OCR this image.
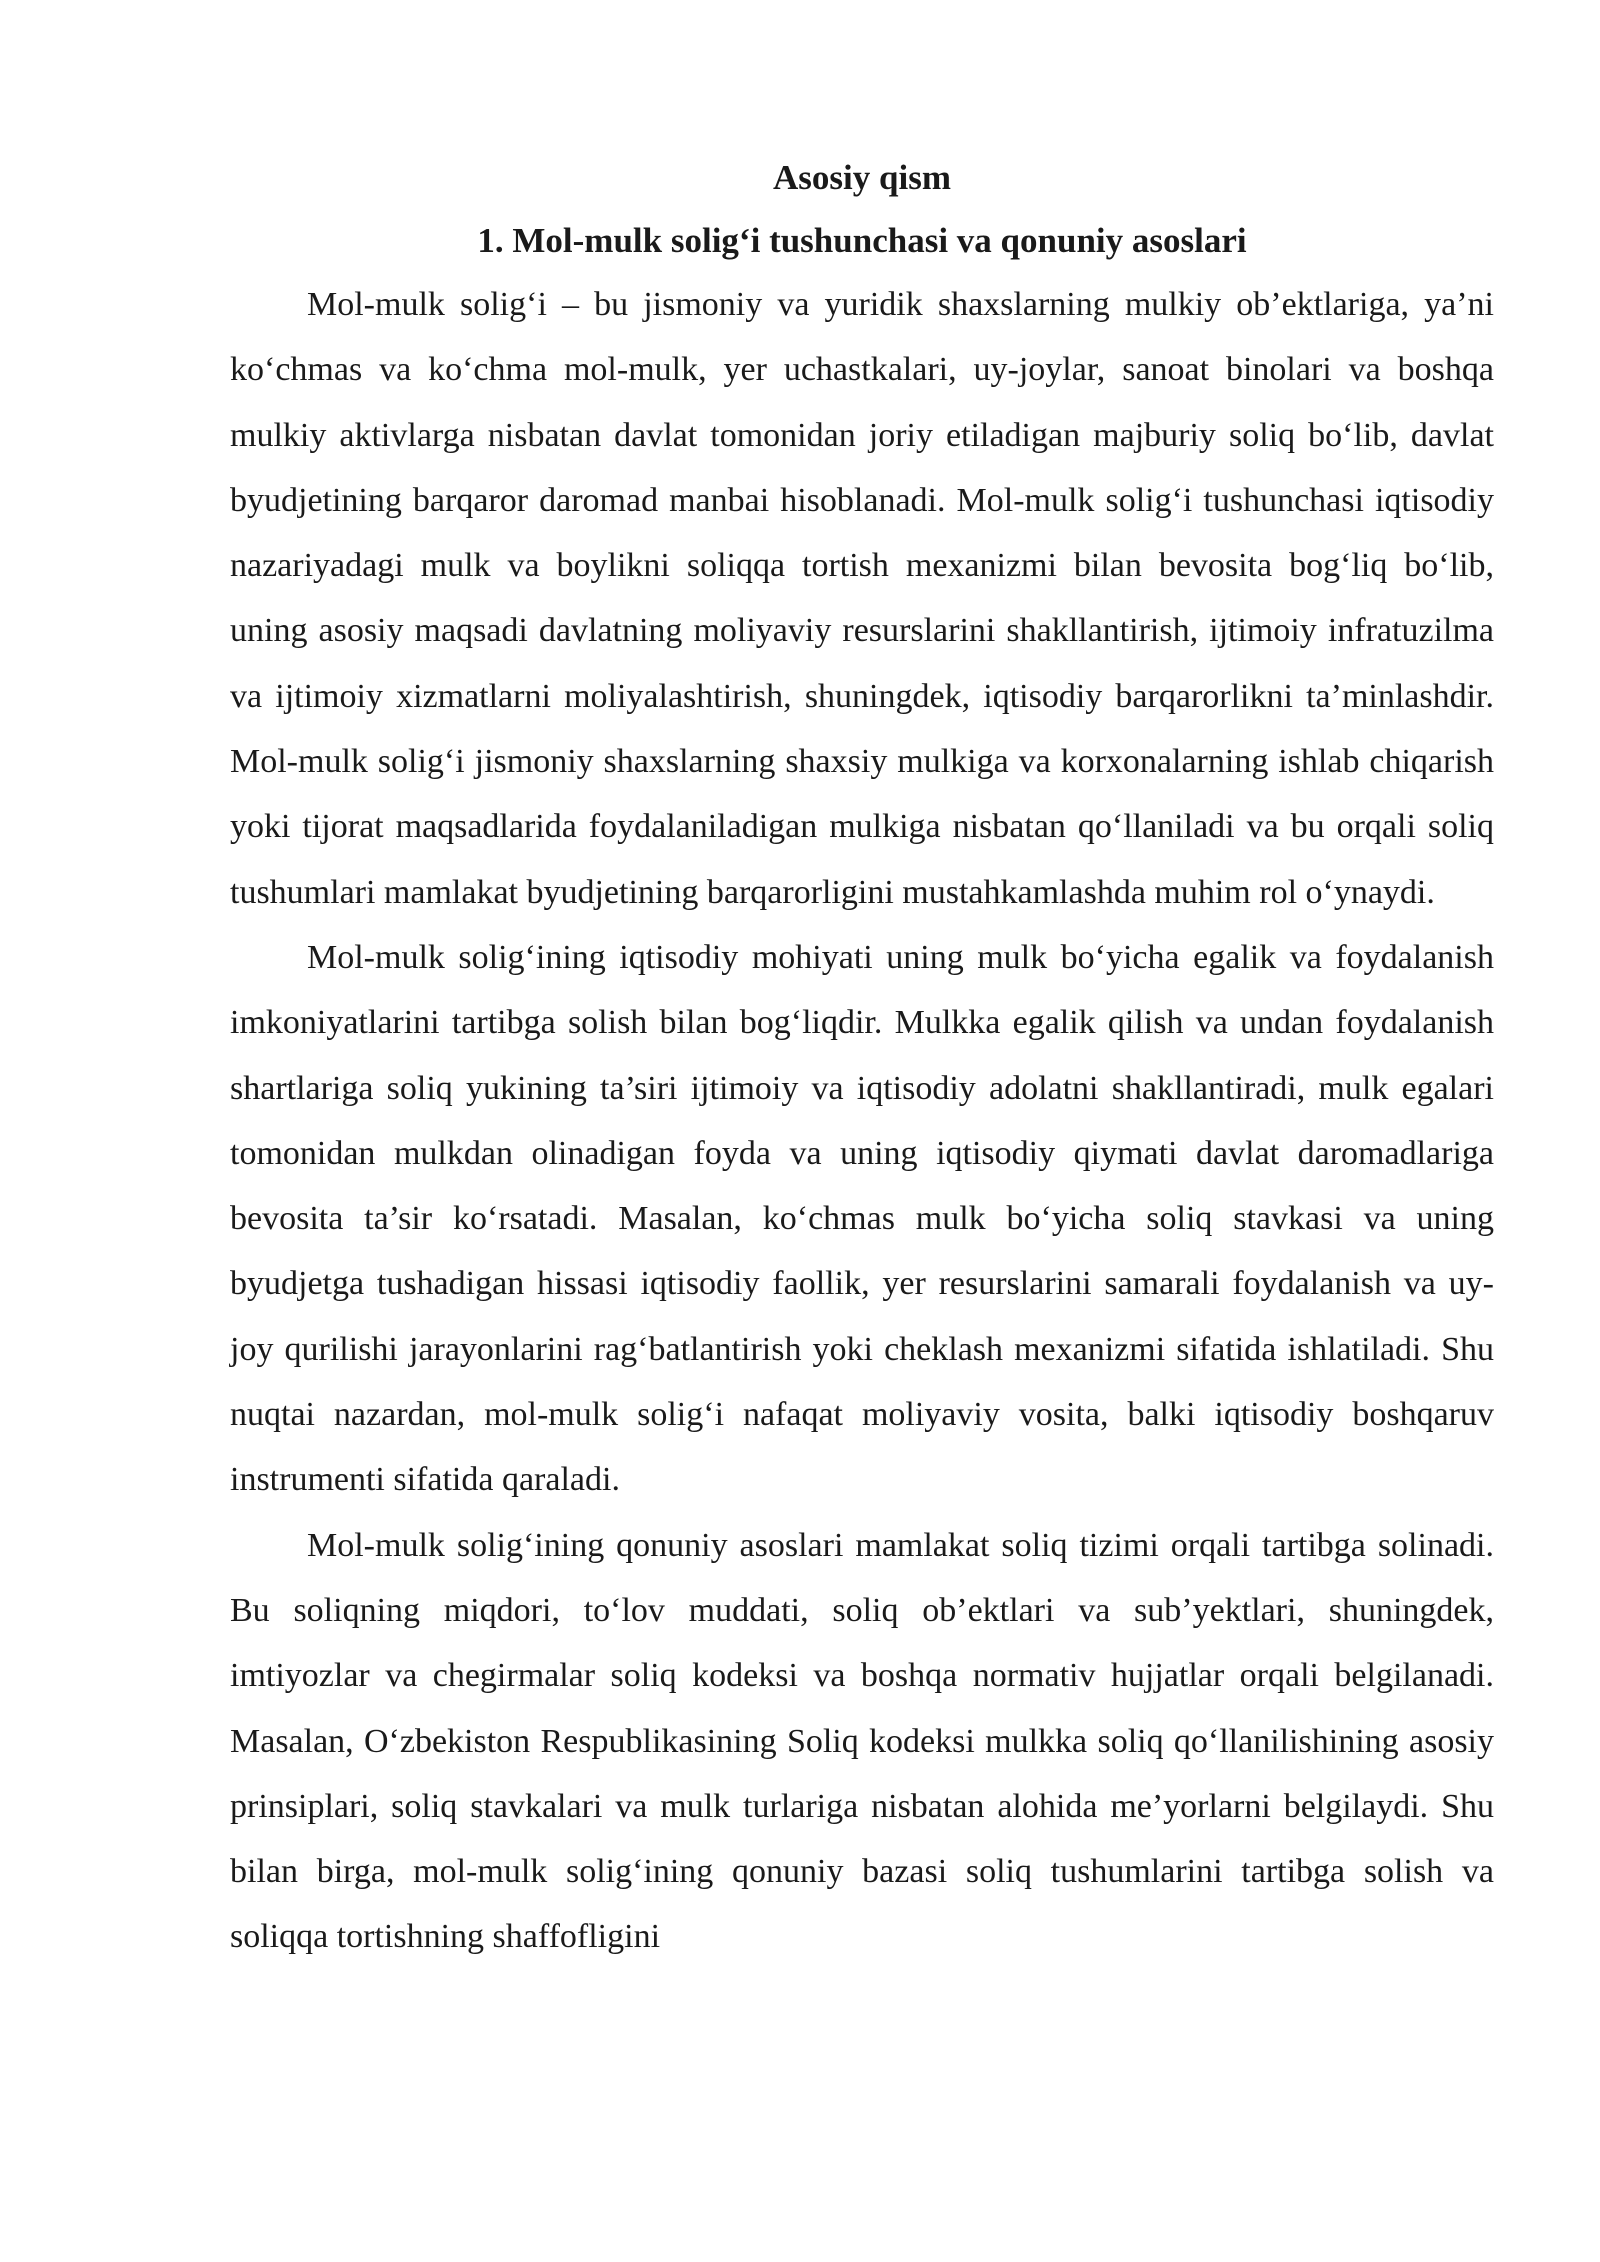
Asosiy qism
1. Mol-mulk solig‘i tushunchasi va qonuniy asoslari

Mol-mulk solig‘i – bu jismoniy va yuridik shaxslarning mulkiy ob’ektlariga, ya’ni ko‘chmas va ko‘chma mol-mulk, yer uchastkalari, uy-joylar, sanoat binolari va boshqa mulkiy aktivlarga nisbatan davlat tomonidan joriy etiladigan majburiy soliq bo‘lib, davlat byudjetining barqaror daromad manbai hisoblanadi. Mol-mulk solig‘i tushunchasi iqtisodiy nazariyadagi mulk va boylikni soliqqa tortish mexanizmi bilan bevosita bog‘liq bo‘lib, uning asosiy maqsadi davlatning moliyaviy resurslarini shakllantirish, ijtimoiy infratuzilma va ijtimoiy xizmatlarni moliyalashtirish, shuningdek, iqtisodiy barqarorlikni ta’minlashdir. Mol-mulk solig‘i jismoniy shaxslarning shaxsiy mulkiga va korxonalarning ishlab chiqarish yoki tijorat maqsadlarida foydalaniladigan mulkiga nisbatan qo‘llaniladi va bu orqali soliq tushumlari mamlakat byudjetining barqarorligini mustahkamlashda muhim rol o‘ynaydi.

Mol-mulk solig‘ining iqtisodiy mohiyati uning mulk bo‘yicha egalik va foydalanish imkoniyatlarini tartibga solish bilan bog‘liqdir. Mulkka egalik qilish va undan foydalanish shartlariga soliq yukining ta’siri ijtimoiy va iqtisodiy adolatni shakllantiradi, mulk egalari tomonidan mulkdan olinadigan foyda va uning iqtisodiy qiymati davlat daromadlariga bevosita ta’sir ko‘rsatadi. Masalan, ko‘chmas mulk bo‘yicha soliq stavkasi va uning byudjetga tushadigan hissasi iqtisodiy faollik, yer resurslarini samarali foydalanish va uy-joy qurilishi jarayonlarini rag‘batlantirish yoki cheklash mexanizmi sifatida ishlatiladi. Shu nuqtai nazardan, mol-mulk solig‘i nafaqat moliyaviy vosita, balki iqtisodiy boshqaruv instrumenti sifatida qaraladi.

Mol-mulk solig‘ining qonuniy asoslari mamlakat soliq tizimi orqali tartibga solinadi. Bu soliqning miqdori, to‘lov muddati, soliq ob’ektlari va sub’yektlari, shuningdek, imtiyozlar va chegirmalar soliq kodeksi va boshqa normativ hujjatlar orqali belgilanadi. Masalan, O‘zbekiston Respublikasining Soliq kodeksi mulkka soliq qo‘llanilishining asosiy prinsiplari, soliq stavkalari va mulk turlariga nisbatan alohida me’yorlarni belgilaydi. Shu bilan birga, mol-mulk solig‘ining qonuniy bazasi soliq tushumlarini tartibga solish va soliqqa tortishning shaffofligini
